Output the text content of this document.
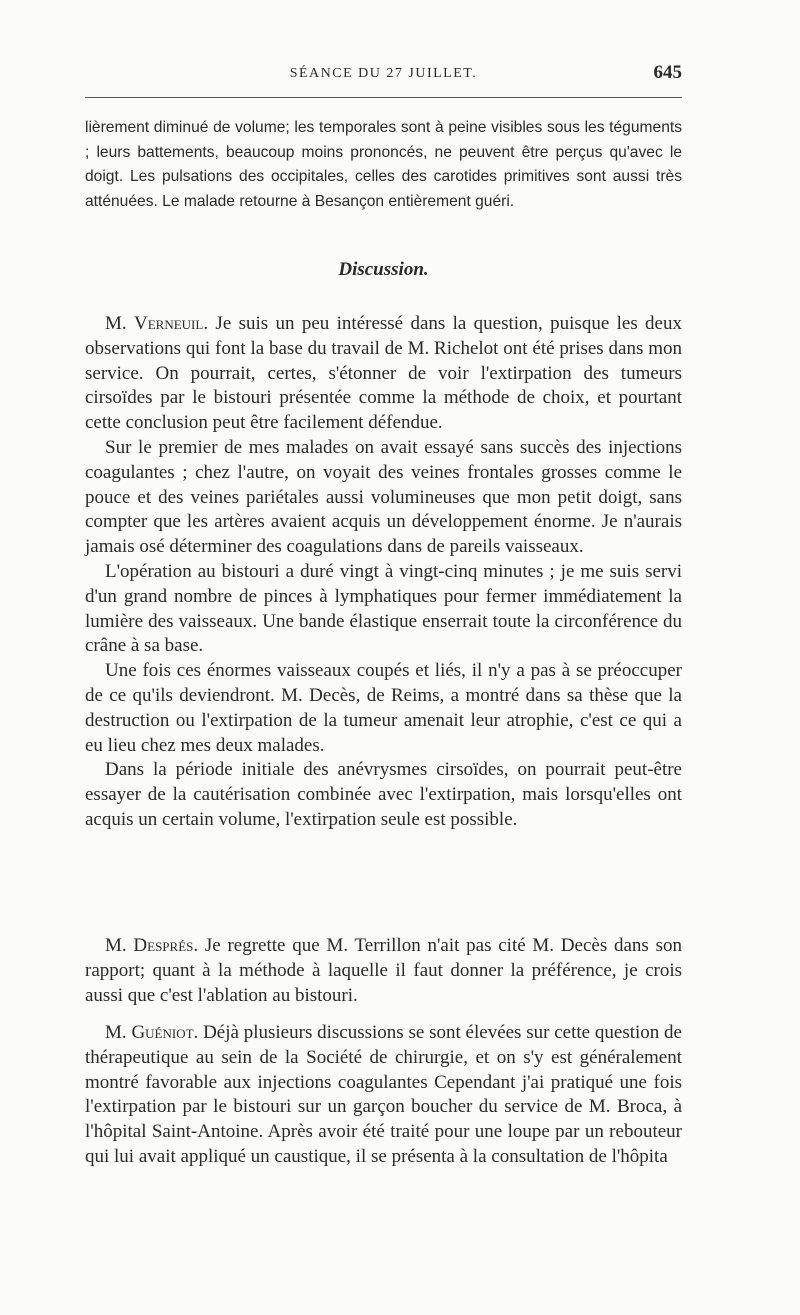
SÉANCE DU 27 JUILLET.	645

lièrement diminué de volume; les temporales sont à peine visibles sous les téguments ; leurs battements, beaucoup moins prononcés, ne peuvent être perçus qu'avec le doigt. Les pulsations des occipitales, celles des carotides primitives sont aussi très atténuées. Le malade retourne à Besançon entièrement guéri.

Discussion.

M. Verneuil. Je suis un peu intéressé dans la question, puisque les deux observations qui font la base du travail de M. Richelot ont été prises dans mon service. On pourrait, certes, s'étonner de voir l'extirpation des tumeurs cirsoïdes par le bistouri présentée comme la méthode de choix, et pourtant cette conclusion peut être facilement défendue.

Sur le premier de mes malades on avait essayé sans succès des injections coagulantes ; chez l'autre, on voyait des veines frontales grosses comme le pouce et des veines pariétales aussi volumineuses que mon petit doigt, sans compter que les artères avaient acquis un développement énorme. Je n'aurais jamais osé déterminer des coagulations dans de pareils vaisseaux.

L'opération au bistouri a duré vingt à vingt-cinq minutes ; je me suis servi d'un grand nombre de pinces à lymphatiques pour fermer immédiatement la lumière des vaisseaux. Une bande élastique enserrait toute la circonférence du crâne à sa base.

Une fois ces énormes vaisseaux coupés et liés, il n'y a pas à se préoccuper de ce qu'ils deviendront. M. Decès, de Reims, a montré dans sa thèse que la destruction ou l'extirpation de la tumeur amenait leur atrophie, c'est ce qui a eu lieu chez mes deux malades.

Dans la période initiale des anévrysmes cirsoïdes, on pourrait peut-être essayer de la cautérisation combinée avec l'extirpation, mais lorsqu'elles ont acquis un certain volume, l'extirpation seule est possible.

M. Després. Je regrette que M. Terrillon n'ait pas cité M. Decès dans son rapport; quant à la méthode à laquelle il faut donner la préférence, je crois aussi que c'est l'ablation au bistouri.

M. Guéniot. Déjà plusieurs discussions se sont élevées sur cette question de thérapeutique au sein de la Société de chirurgie, et on s'y est généralement montré favorable aux injections coagulantes Cependant j'ai pratiqué une fois l'extirpation par le bistouri sur un garçon boucher du service de M. Broca, à l'hôpital Saint-Antoine. Après avoir été traité pour une loupe par un rebouteur qui lui avait appliqué un caustique, il se présenta à la consultation de l'hôpita
